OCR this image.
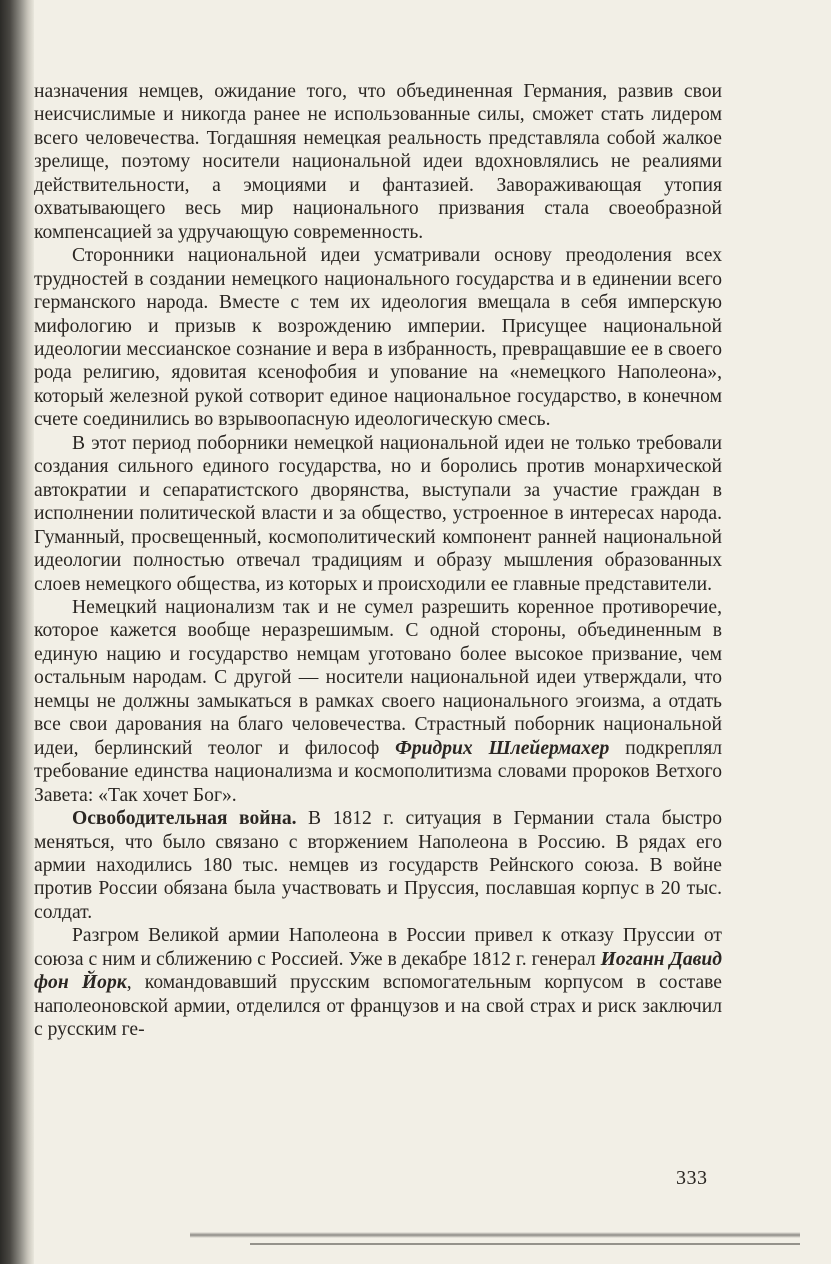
назначения немцев, ожидание того, что объединенная Германия, развив свои неисчислимые и никогда ранее не использованные силы, сможет стать лидером всего человечества. Тогдашняя немецкая реальность представляла собой жалкое зрелище, поэтому носители национальной идеи вдохновлялись не реалиями действительности, а эмоциями и фантазией. Завораживающая утопия охватывающего весь мир национального призвания стала своеобразной компенсацией за удручающую современность.

Сторонники национальной идеи усматривали основу преодоления всех трудностей в создании немецкого национального государства и в единении всего германского народа. Вместе с тем их идеология вмещала в себя имперскую мифологию и призыв к возрождению империи. Присущее национальной идеологии мессианское сознание и вера в избранность, превращавшие ее в своего рода религию, ядовитая ксенофобия и упование на «немецкого Наполеона», который железной рукой сотворит единое национальное государство, в конечном счете соединились во взрывоопасную идеологическую смесь.

В этот период поборники немецкой национальной идеи не только требовали создания сильного единого государства, но и боролись против монархической автократии и сепаратистского дворянства, выступали за участие граждан в исполнении политической власти и за общество, устроенное в интересах народа. Гуманный, просвещенный, космополитический компонент ранней национальной идеологии полностью отвечал традициям и образу мышления образованных слоев немецкого общества, из которых и происходили ее главные представители.

Немецкий национализм так и не сумел разрешить коренное противоречие, которое кажется вообще неразрешимым. С одной стороны, объединенным в единую нацию и государство немцам уготовано более высокое призвание, чем остальным народам. С другой — носители национальной идеи утверждали, что немцы не должны замыкаться в рамках своего национального эгоизма, а отдать все свои дарования на благо человечества. Страстный поборник национальной идеи, берлинский теолог и философ Фридрих Шлейермахер подкреплял требование единства национализма и космополитизма словами пророков Ветхого Завета: «Так хочет Бог».

Освободительная война. В 1812 г. ситуация в Германии стала быстро меняться, что было связано с вторжением Наполеона в Россию. В рядах его армии находились 180 тыс. немцев из государств Рейнского союза. В войне против России обязана была участвовать и Пруссия, пославшая корпус в 20 тыс. солдат.

Разгром Великой армии Наполеона в России привел к отказу Пруссии от союза с ним и сближению с Россией. Уже в декабре 1812 г. генерал Иоганн Давид фон Йорк, командовавший прусским вспомогательным корпусом в составе наполеоновской армии, отделился от французов и на свой страх и риск заключил с русским ге-

333
